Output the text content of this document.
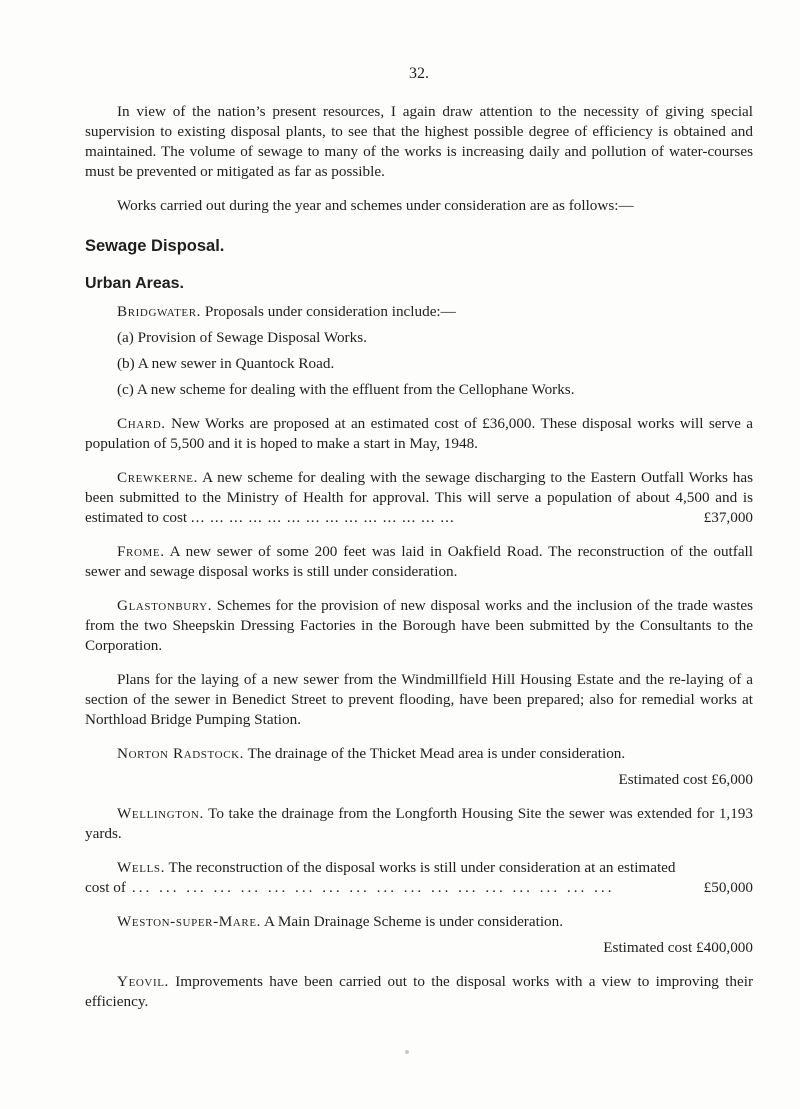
32.

In view of the nation’s present resources, I again draw attention to the necessity of giving special supervision to existing disposal plants, to see that the highest possible degree of efficiency is obtained and maintained. The volume of sewage to many of the works is increasing daily and pollution of water-courses must be prevented or mitigated as far as possible.

Works carried out during the year and schemes under consideration are as follows:—

Sewage Disposal.
Urban Areas.

Bridgwater. Proposals under consideration include:—

(a) Provision of Sewage Disposal Works.

(b) A new sewer in Quantock Road.

(c) A new scheme for dealing with the effluent from the Cellophane Works.

Chard. New Works are proposed at an estimated cost of £36,000. These disposal works will serve a population of 5,500 and it is hoped to make a start in May, 1948.

Crewkerne. A new scheme for dealing with the sewage discharging to the Eastern Outfall Works has been submitted to the Ministry of Health for approval. This will serve a population of about 4,500 and is estimated to cost ... ... ... ... ... ... ... ... ... ... ... ... ... ...	£37,000

Frome. A new sewer of some 200 feet was laid in Oakfield Road. The reconstruction of the outfall sewer and sewage disposal works is still under consideration.

Glastonbury. Schemes for the provision of new disposal works and the inclusion of the trade wastes from the two Sheepskin Dressing Factories in the Borough have been submitted by the Consultants to the Corporation.

Plans for the laying of a new sewer from the Windmillfield Hill Housing Estate and the re-laying of a section of the sewer in Benedict Street to prevent flooding, have been prepared; also for remedial works at Northload Bridge Pumping Station.

Norton Radstock. The drainage of the Thicket Mead area is under consideration.

Estimated cost £6,000

Wellington. To take the drainage from the Longforth Housing Site the sewer was extended for 1,193 yards.

Wells. The reconstruction of the disposal works is still under consideration at an estimated

cost of ... ... ... ... ... ... ... ... ... ... ... ... ... ... ... ... ... ...	£50,000

Weston-super-Mare. A Main Drainage Scheme is under consideration.

Estimated cost £400,000

Yeovil. Improvements have been carried out to the disposal works with a view to improving their efficiency.
